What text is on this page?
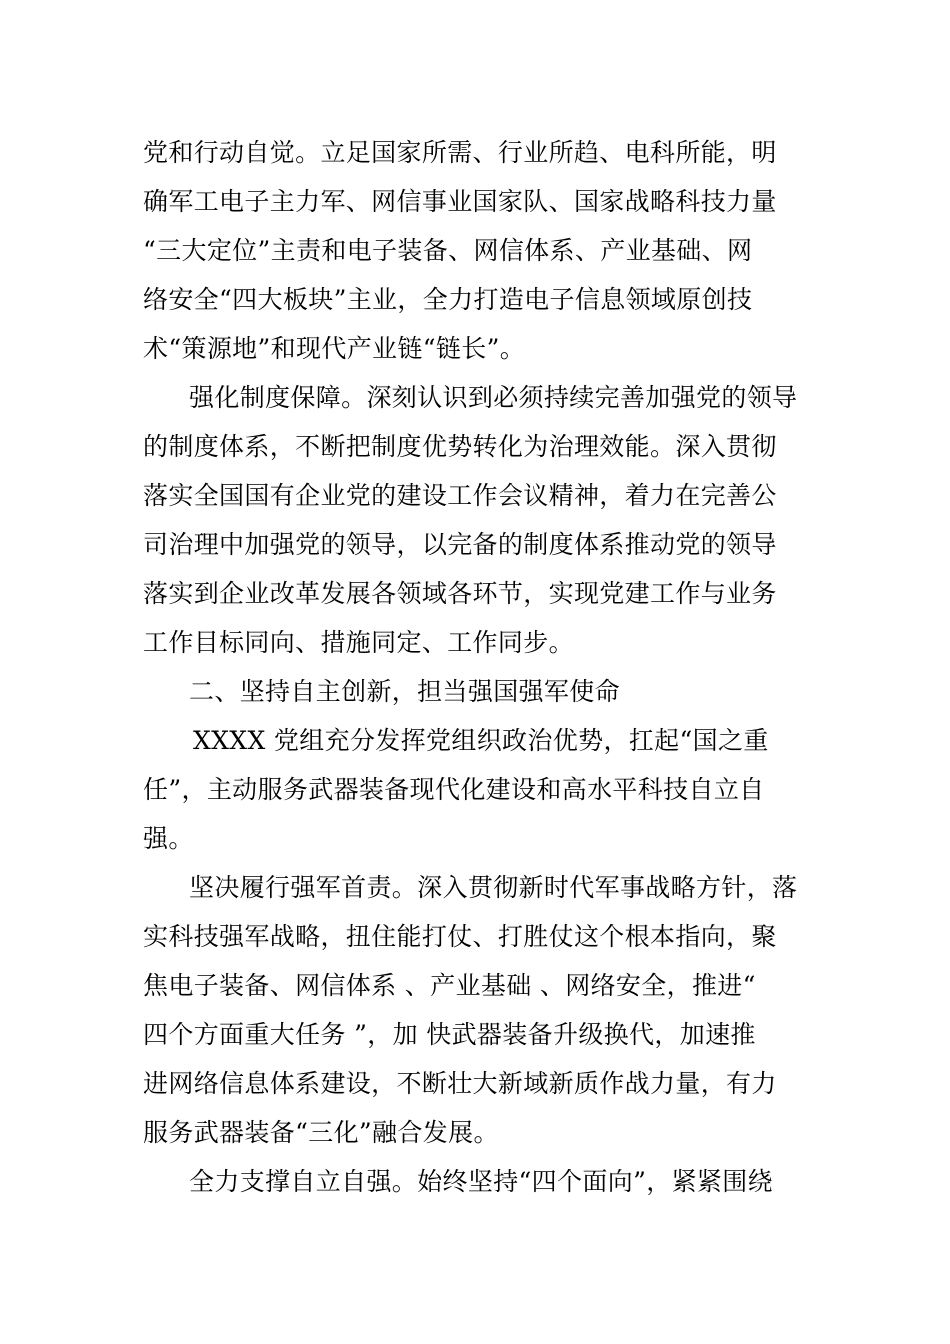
党和行动自觉。立足国家所需、行业所趋、电科所能，明
确军工电子主力军、网信事业国家队、国家战略科技力量
“三大定位”主责和电子装备、网信体系、产业基础、网
络安全“四大板块”主业，全力打造电子信息领域原创技
术“策源地”和现代产业链“链长”。
强化制度保障。深刻认识到必须持续完善加强党的领导
的制度体系，不断把制度优势转化为治理效能。深入贯彻
落实全国国有企业党的建设工作会议精神，着力在完善公
司治理中加强党的领导，以完备的制度体系推动党的领导
落实到企业改革发展各领域各环节，实现党建工作与业务
工作目标同向、措施同定、工作同步。
二、坚持自主创新，担当强国强军使命
XXXX 党组充分发挥党组织政治优势，扛起“国之重
任”，主动服务武器装备现代化建设和高水平科技自立自
强。
坚决履行强军首责。深入贯彻新时代军事战略方针，落
实科技强军战略，扭住能打仗、打胜仗这个根本指向，聚
焦电子装备、网信体系 、产业基础 、网络安全，推进“
四个方面重大任务 ”，加 快武器装备升级换代，加速推
进网络信息体系建设，不断壮大新域新质作战力量，有力
服务武器装备“三化”融合发展。
全力支撑自立自强。始终坚持“四个面向”，紧紧围绕
